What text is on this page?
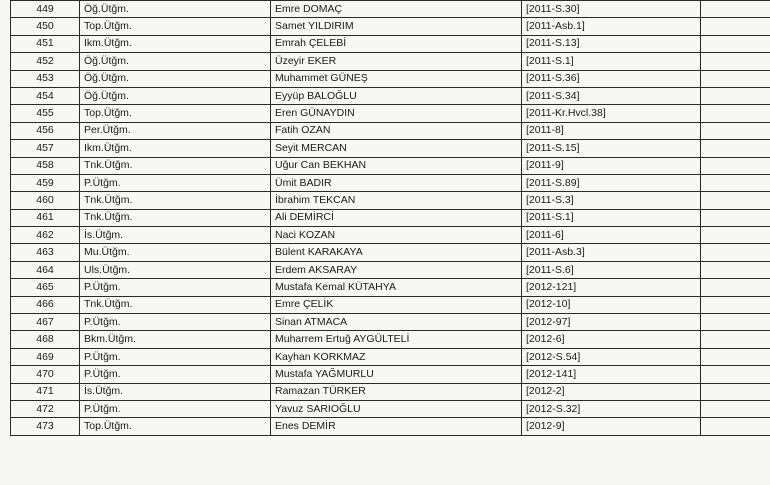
449	Öğ.Ütğm.	Emre DOMAÇ	[2011-S.30]	
450	Top.Ütğm.	Samet YILDIRIM	[2011-Asb.1]	
451	Ikm.Ütğm.	Emrah ÇELEBİ	[2011-S.13]	
452	Öğ.Ütğm.	Üzeyir EKER	[2011-S.1]	
453	Öğ.Ütğm.	Muhammet GÜNEŞ	[2011-S.36]	
454	Öğ.Ütğm.	Eyyüp BALOĞLU	[2011-S.34]	
455	Top.Ütğm.	Eren GÜNAYDIN	[2011-Kr.Hvcl.38]	
456	Per.Ütğm.	Fatih OZAN	[2011-8]	
457	Ikm.Ütğm.	Seyit MERCAN	[2011-S.15]	
458	Tnk.Ütğm.	Uğur Can BEKHAN	[2011-9]	
459	P.Ütğm.	Ümit BADIR	[2011-S.89]	
460	Tnk.Ütğm.	İbrahim TEKCAN	[2011-S.3]	
461	Tnk.Ütğm.	Ali DEMİRCİ	[2011-S.1]	
462	İs.Ütğm.	Naci KOZAN	[2011-6]	
463	Mu.Ütğm.	Bülent KARAKAYA	[2011-Asb.3]	
464	Uls.Ütğm.	Erdem AKSARAY	[2011-S.6]	
465	P.Ütğm.	Mustafa Kemal KÜTAHYA	[2012-121]	
466	Tnk.Ütğm.	Emre ÇELİK	[2012-10]	
467	P.Ütğm.	Sinan ATMACA	[2012-97]	
468	Bkm.Ütğm.	Muharrem Ertuğ AYGÜLTELİ	[2012-6]	
469	P.Ütğm.	Kayhan KORKMAZ	[2012-S.54]	
470	P.Ütğm.	Mustafa YAĞMURLU	[2012-141]	
471	İs.Ütğm.	Ramazan TÜRKER	[2012-2]	
472	P.Ütğm.	Yavuz SARIOĞLU	[2012-S.32]	
473	Top.Ütğm.	Enes DEMİR	[2012-9]	
